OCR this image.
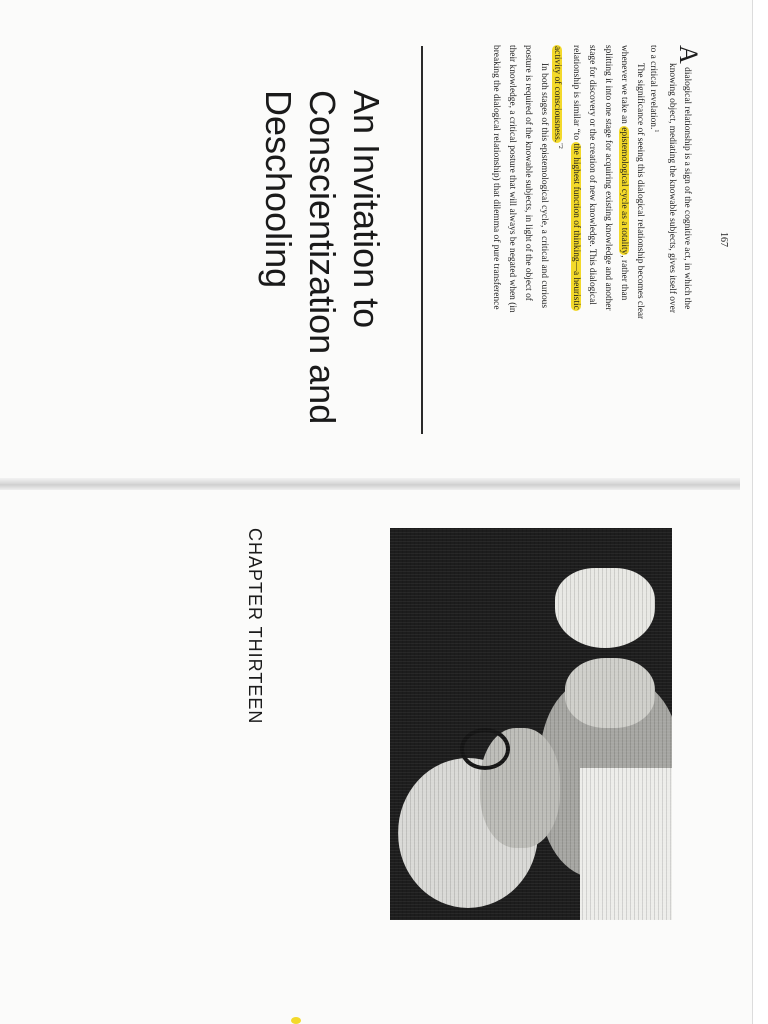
CHAPTER THIRTEEN
An Invitation to
Conscientization and
Deschooling
A dialogical relationship is a sign of the cognitive act, in which the
knowing object, mediating the knowable subjects, gives itself over
to a critical revelation.$^1$
The significance of seeing this dialogical relationship becomes clear
whenever we take an epistemological cycle as a totality, rather than
splitting it into one stage for acquiring existing knowledge and another
stage for discovery or the creation of new knowledge. This dialogical
relationship is similar “to the highest function of thinking—a heuristic
activity of consciousness.$^{”2}$
In both stages of this epistemological cycle, a critical and curious
posture is required of the knowable subjects, in light of the object of
their knowledge, a critical posture that will always be negated when (in
breaking the dialogical relationship) that dilemma of pure transference	167
